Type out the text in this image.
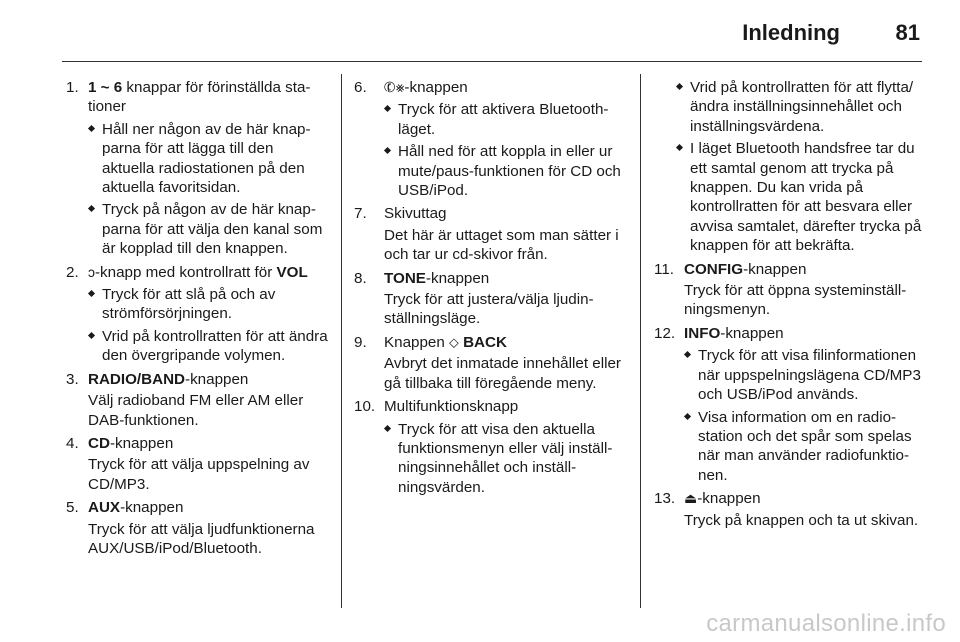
Inledning	81
1. 1 ~ 6 knappar för förinställda stationer
Håll ner någon av de här knapparna för att lägga till den aktuella radiostationen på den aktuella favoritsidan.
Tryck på någon av de här knapparna för att välja den kanal som är kopplad till den knappen.
2. ↄ-knapp med kontrollratt för VOL
Tryck för att slå på och av strömförsörjningen.
Vrid på kontrollratten för att ändra den övergripande volymen.
3. RADIO/BAND-knappen
Välj radioband FM eller AM eller DAB-funktionen.
4. CD-knappen
Tryck för att välja uppspelning av CD/MP3.
5. AUX-knappen
Tryck för att välja ljudfunktionerna AUX/USB/iPod/Bluetooth.
6. ✆⨳-knappen
Tryck för att aktivera Bluetooth-läget.
Håll ned för att koppla in eller ur mute/paus-funktionen för CD och USB/iPod.
7. Skivuttag
Det här är uttaget som man sätter i och tar ur cd-skivor från.
8. TONE-knappen
Tryck för att justera/välja ljudinställningsläge.
9. Knappen ⬦ BACK
Avbryt det inmatade innehållet eller gå tillbaka till föregående meny.
10. Multifunktionsknapp
Tryck för att visa den aktuella funktionsmenyn eller välj inställningsinnehållet och inställningsvärden.
Vrid på kontrollratten för att flytta/ändra inställningsinnehållet och inställningsvärdena.
I läget Bluetooth handsfree tar du ett samtal genom att trycka på knappen. Du kan vrida på kontrollratten för att besvara eller avvisa samtalet, därefter trycka på knappen för att bekräfta.
11. CONFIG-knappen
Tryck för att öppna systeminställningsmenyn.
12. INFO-knappen
Tryck för att visa filinformationen när uppspelningslägena CD/MP3 och USB/iPod används.
Visa information om en radiostation och det spår som spelas när man använder radiofunktionen.
13. ⏏-knappen
Tryck på knappen och ta ut skivan.
carmanualsonline.info
